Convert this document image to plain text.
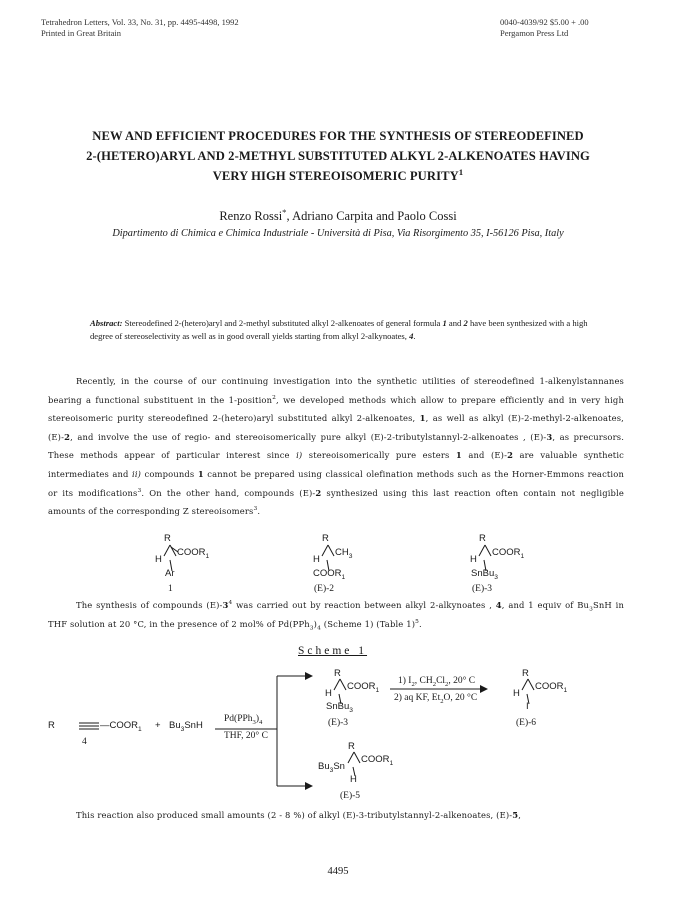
Tetrahedron Letters, Vol. 33, No. 31, pp. 4495-4498, 1992
Printed in Great Britain
0040-4039/92 $5.00 + .00
Pergamon Press Ltd
NEW AND EFFICIENT PROCEDURES FOR THE SYNTHESIS OF STEREODEFINED
2-(HETERO)ARYL AND 2-METHYL SUBSTITUTED ALKYL 2-ALKENOATES HAVING
VERY HIGH STEREOISOMERIC PURITY$^1$
Renzo Rossi*, Adriano Carpita and Paolo Cossi
Dipartimento di Chimica e Chimica Industriale - Università di Pisa, Via Risorgimento 35, I-56126 Pisa, Italy
Abstract: Stereodefined 2-(hetero)aryl and 2-methyl substituted alkyl 2-alkenoates of general formula 1 and 2 have been synthesized with a high degree of stereoselectivity as well as in good overall yields starting from alkyl 2-alkynoates, 4.
Recently, in the course of our continuing investigation into the synthetic utilities of stereodefined 1-alkenylstannanes bearing a functional substituent in the 1-position$^2$, we developed methods which allow to prepare efficiently and in very high stereoisomeric purity stereodefined 2-(hetero)aryl substituted alkyl 2-alkenoates, 1, as well as alkyl (E)-2-methyl-2-alkenoates, (E)-2, and involve the use of regio- and stereoisomerically pure alkyl (E)-2-tributylstannyl-2-alkenoates , (E)-3, as precursors. These methods appear of particular interest since i) stereoisomerically pure esters 1 and (E)-2 are valuable synthetic intermediates and ii) compounds 1 cannot be prepared using classical olefination methods such as the Horner-Emmons reaction or its modifications$^3$. On the other hand, compounds (E)-2 synthesized using this last reaction often contain not negligible amounts of the corresponding Z stereoisomers$^3$.
R
H
$COOR_1$
Ar
1
R
H
$CH_3$
$COOR_1$
(E)-2
R
H
$COOR_1$
SnBu$_3$
(E)-3
The synthesis of compounds $(E)-3^4$ was carried out by reaction between alkyl 2-alkynoates , 4, and 1 equiv of $Bu_3SnH$ in THF solution at 20 °C, in the presence of 2 mol% of $Pd(PPh_3)_4$ (Scheme 1) (Table 1)$^5$.
Scheme 1
R	$—COOR_1 + Bu_3SnH$
4
$Pd(PPh_3)_4$
THF, 20° C
R
H
$COOR_1$
SnBu$_3$
(E)-3
1) $I_2$, $CH_2Cl_2$, 20° C
2) aq KF, $Et_2O$, 20 °C
R
H
$COOR_1$
I
(E)-6
R
$Bu_3Sn$
$COOR_1$
H
(E)-5
This reaction also produced small amounts (2 - 8 %) of alkyl (E)-3-tributylstannyl-2-alkenoates, (E)-5,
4495
